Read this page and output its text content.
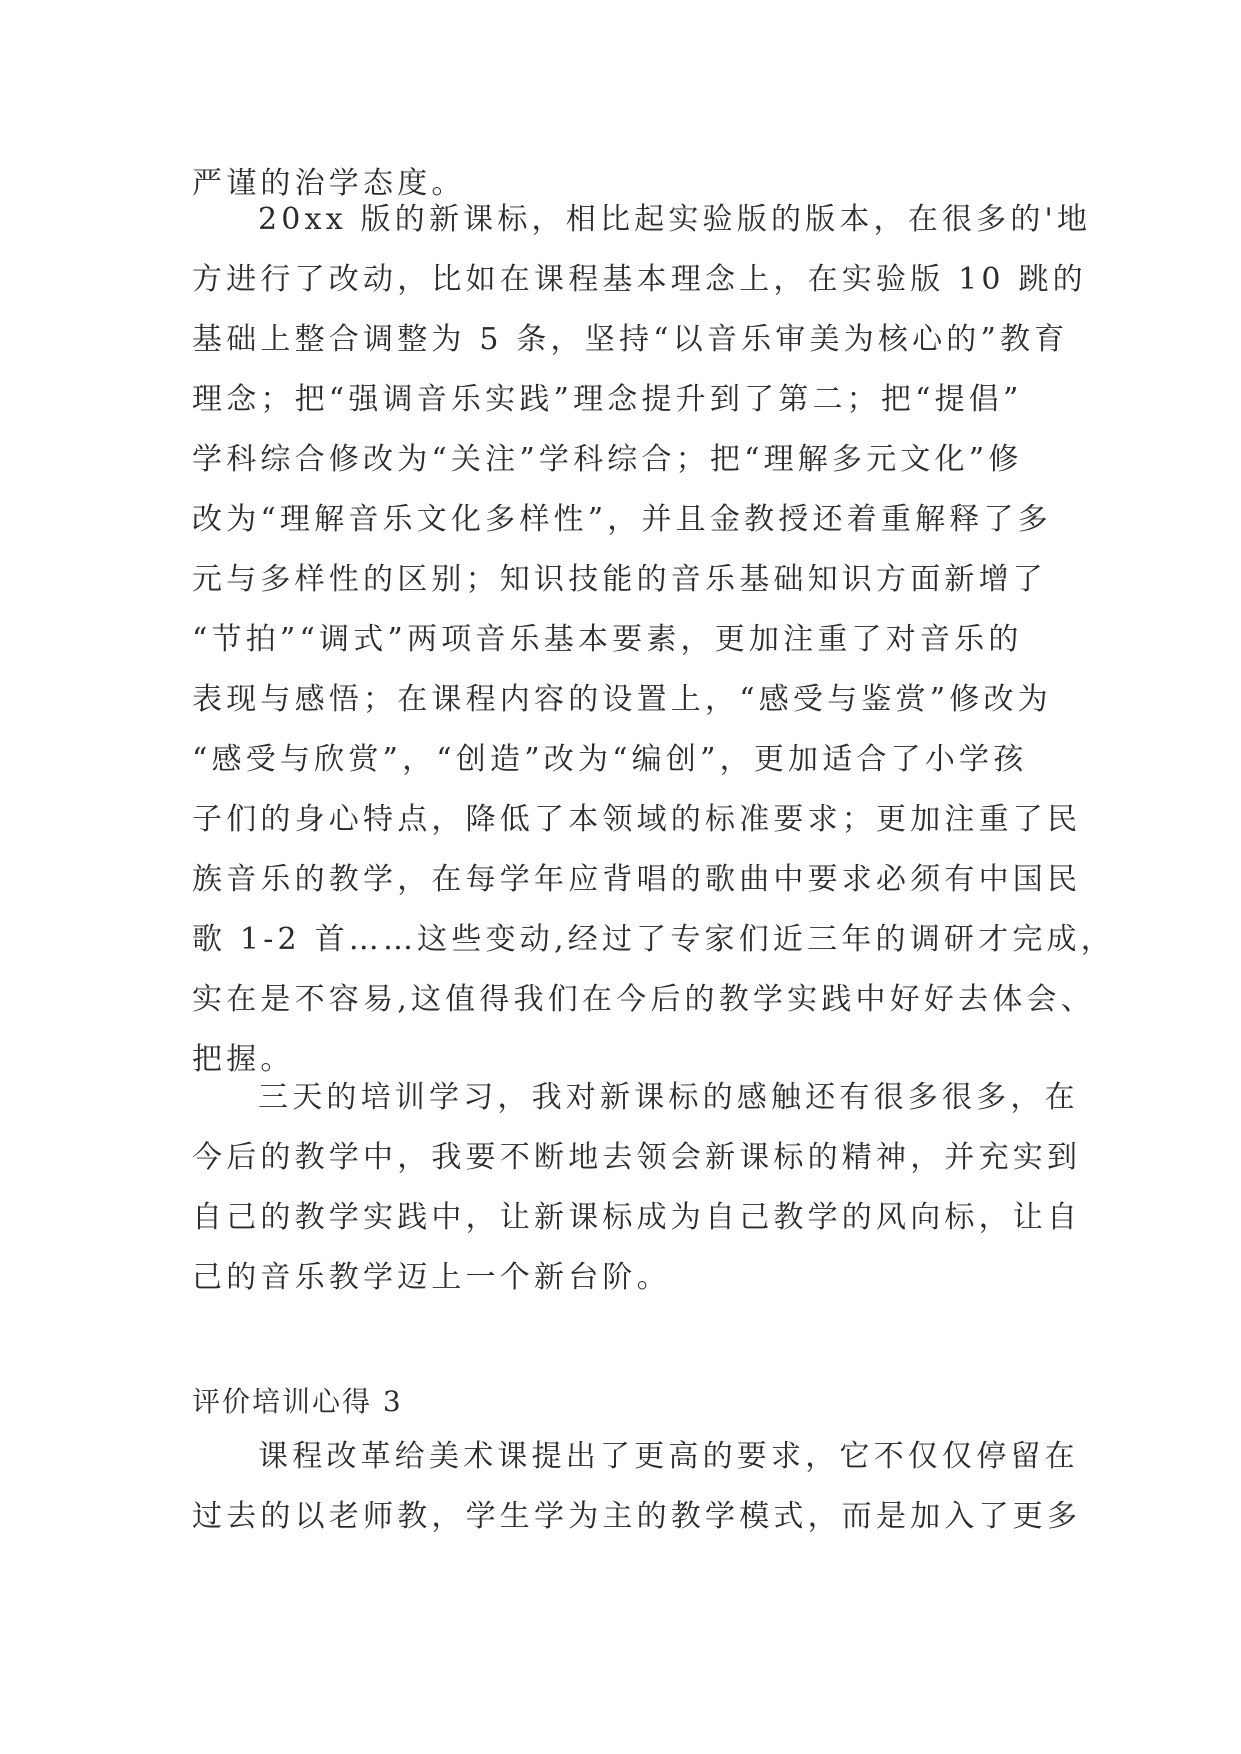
严谨的治学态度。
20xx 版的新课标，相比起实验版的版本，在很多的'地
方进行了改动，比如在课程基本理念上，在实验版 10 跳的
基础上整合调整为 5 条，坚持“以音乐审美为核心的”教育
理念；把“强调音乐实践”理念提升到了第二；把“提倡”
学科综合修改为“关注”学科综合；把“理解多元文化”修
改为“理解音乐文化多样性”，并且金教授还着重解释了多
元与多样性的区别；知识技能的音乐基础知识方面新增了
“节拍”“调式”两项音乐基本要素，更加注重了对音乐的
表现与感悟；在课程内容的设置上，“感受与鉴赏”修改为
“感受与欣赏”，“创造”改为“编创”，更加适合了小学孩
子们的身心特点，降低了本领域的标准要求；更加注重了民
族音乐的教学，在每学年应背唱的歌曲中要求必须有中国民
歌 1-2 首……这些变动,经过了专家们近三年的调研才完成，
实在是不容易,这值得我们在今后的教学实践中好好去体会、
把握。
三天的培训学习，我对新课标的感触还有很多很多，在
今后的教学中，我要不断地去领会新课标的精神，并充实到
自己的教学实践中，让新课标成为自己教学的风向标，让自
己的音乐教学迈上一个新台阶。
评价培训心得 3
课程改革给美术课提出了更高的要求，它不仅仅停留在
过去的以老师教，学生学为主的教学模式，而是加入了更多
